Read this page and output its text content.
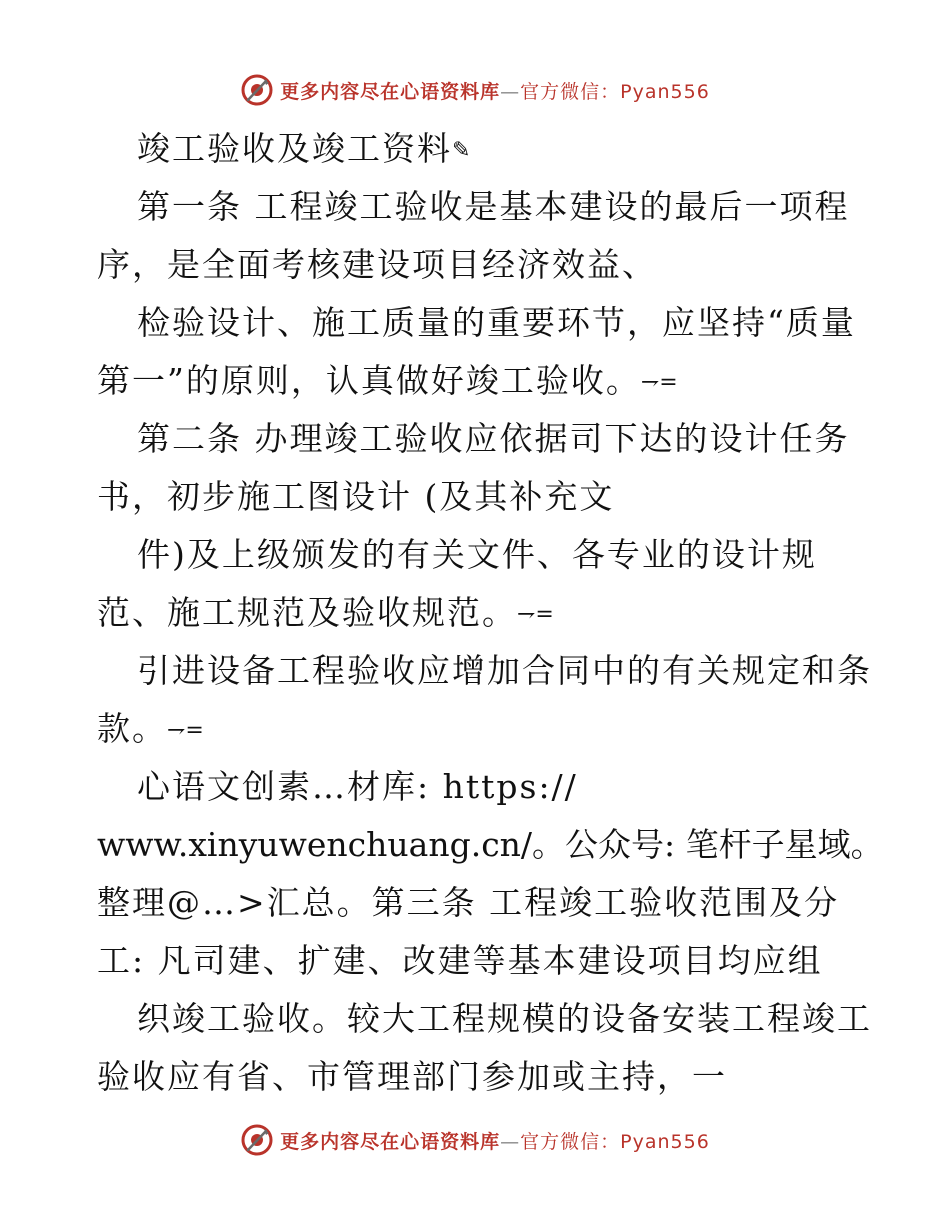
更多内容尽在心语资料库—官方微信：Pyan556
竣工验收及竣工资料✎
第一条 工程竣工验收是基本建设的最后一项程
序，是全面考核建设项目经济效益、
检验设计、施工质量的重要环节，应坚持“质量
第一”的原则，认真做好竣工验收。⇁=
第二条 办理竣工验收应依据司下达的设计任务
书，初步施工图设计 (及其补充文
件)及上级颁发的有关文件、各专业的设计规
范、施工规范及验收规范。⇁=
引进设备工程验收应增加合同中的有关规定和条
款。⇁=
心语文创素…材库: https://
www.xinyuwenchuang.cn/。公众号: 笔杆子星域。
整理@…>汇总。第三条 工程竣工验收范围及分
工: 凡司建、扩建、改建等基本建设项目均应组
织竣工验收。较大工程规模的设备安装工程竣工
验收应有省、市管理部门参加或主持，一
更多内容尽在心语资料库—官方微信：Pyan556
